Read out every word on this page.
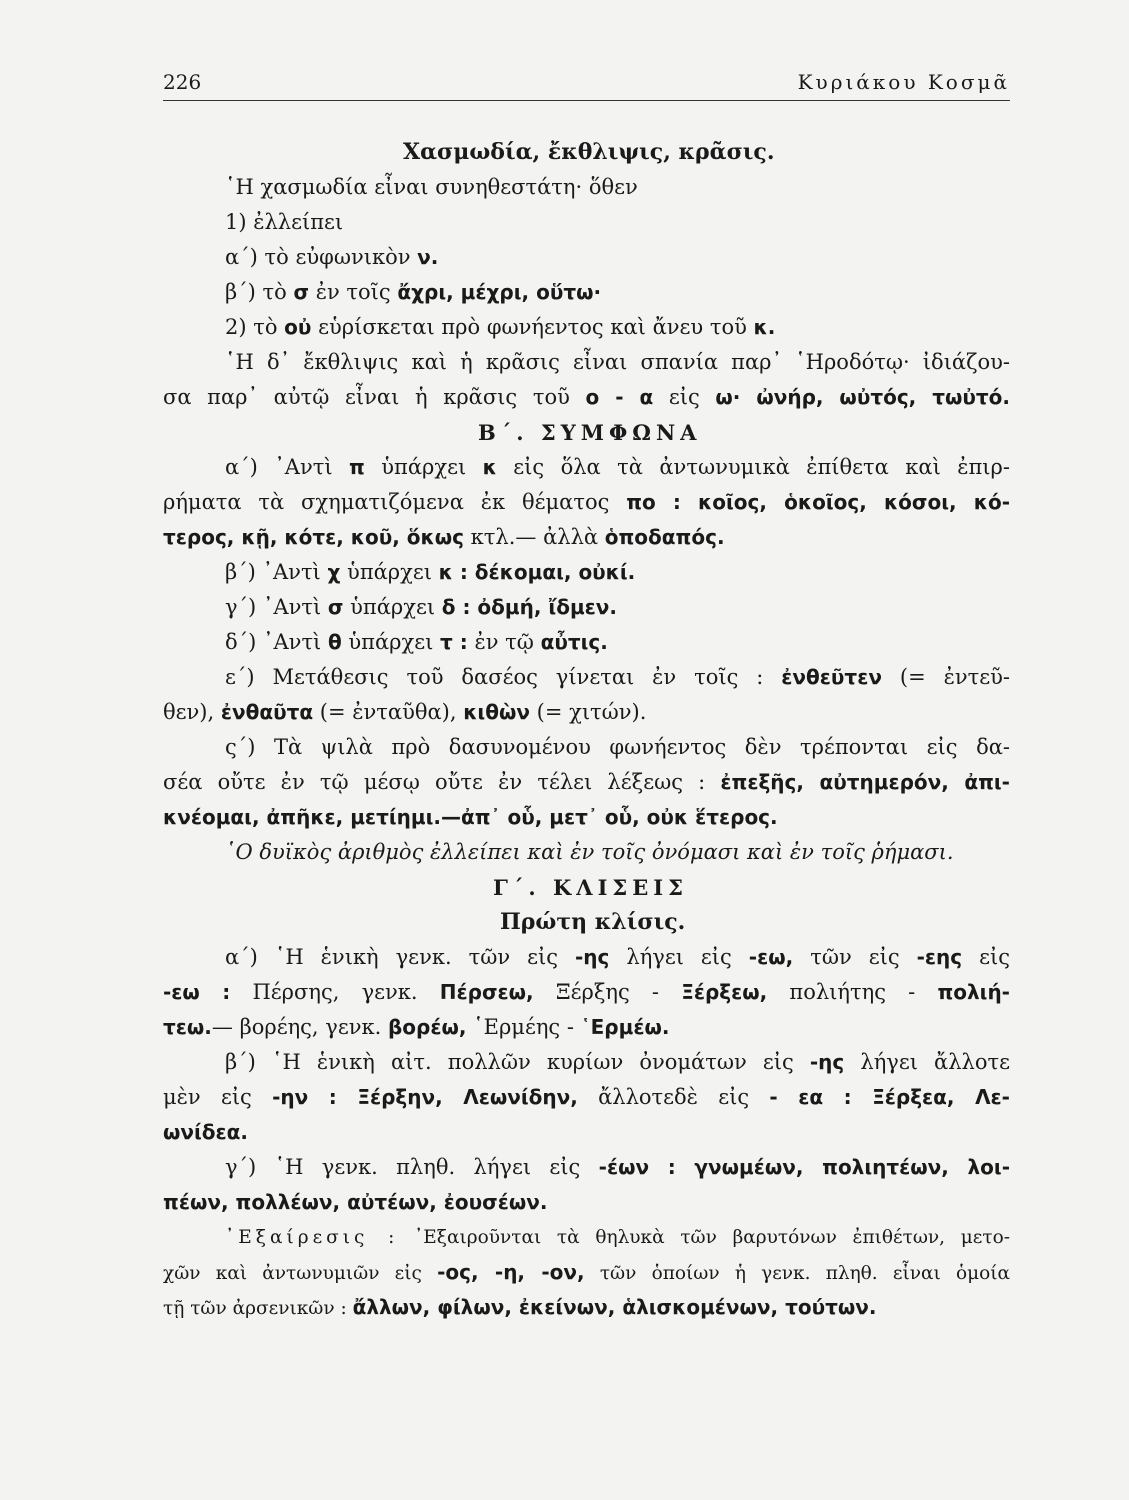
226	Κυριάκου Κοσμᾶ
Χασμωδία, ἔκθλιψις, κρᾶσις.
῾Η χασμωδία εἶναι συνηθεστάτη· ὅθεν
1) ἐλλείπει
α΄) τὸ εὐφωνικὸν ν.
β΄) τὸ σ ἐν τοῖς ἄχρι, μέχρι, οὕτω·
2) τὸ οὐ εὑρίσκεται πρὸ φωνήεντος καὶ ἄνευ τοῦ κ.
῾Η δ᾽ ἔκθλιψις καὶ ἡ κρᾶσις εἶναι σπανία παρ᾽ ῾Ηροδότῳ· ἰδιάζου-
σα παρ᾽ αὐτῷ εἶναι ἡ κρᾶσις τοῦ ο - α εἰς ω· ὠνήρ, ωὐτός, τωὐτό.
Β΄. ΣΥΜΦΩΝΑ
α΄) ᾽Αντὶ π ὑπάρχει κ εἰς ὅλα τὰ ἀντωνυμικὰ ἐπίθετα καὶ ἐπιρ-
ρήματα τὰ σχηματιζόμενα ἐκ θέματος πο : κοῖος, ὁκοῖος, κόσοι, κό-
τερος, κῇ, κότε, κοῦ, ὅκως κτλ.— ἀλλὰ ὁποδαπός.
β΄) ᾽Αντὶ χ ὑπάρχει κ : δέκομαι, οὐκί.
γ΄) ᾽Αντὶ σ ὑπάρχει δ : ὀδμή, ἴδμεν.
δ΄) ᾽Αντὶ θ ὑπάρχει τ : ἐν τῷ αὖτις.
ε΄) Μετάθεσις τοῦ δασέος γίνεται ἐν τοῖς : ἐνθεῦτεν (= ἐντεῦ-
θεν), ἐνθαῦτα (= ἐνταῦθα), κιθὼν (= χιτών).
ς΄) Τὰ ψιλὰ πρὸ δασυνομένου φωνήεντος δὲν τρέπονται εἰς δα-
σέα οὔτε ἐν τῷ μέσῳ οὔτε ἐν τέλει λέξεως : ἐπεξῆς, αὐτημερόν, ἀπι-
κνέομαι, ἀπῆκε, μετίημι.—ἀπ᾽ οὗ, μετ᾽ οὗ, οὐκ ἕτερος.
῾Ο δυϊκὸς ἀριθμὸς ἐλλείπει καὶ ἐν τοῖς ὀνόμασι καὶ ἐν τοῖς ῥήμασι.
Γ΄. ΚΛΙΣΕΙΣ
Πρώτη κλίσις.
α΄) ῾Η ἑνικὴ γενκ. τῶν εἰς -ης λήγει εἰς -εω, τῶν εἰς -εης εἰς
-εω : Πέρσης, γενκ. Πέρσεω, Ξέρξης - Ξέρξεω, πολιήτης - πολιή-
τεω.— βορέης, γενκ. βορέω, ῾Ερμέης - ῾Ερμέω.
β΄) ῾Η ἑνικὴ αἰτ. πολλῶν κυρίων ὀνομάτων εἰς -ης λήγει ἄλλοτε
μὲν εἰς -ην : Ξέρξην, Λεωνίδην, ἄλλοτεδὲ εἰς - εα : Ξέρξεα, Λε-
ωνίδεα.
γ΄) ῾Η γενκ. πληθ. λήγει εἰς -έων : γνωμέων, πολιητέων, λοι-
πέων, πολλέων, αὐτέων, ἐουσέων.
᾽Εξαίρεσις : ᾽Εξαιροῦνται τὰ θηλυκὰ τῶν βαρυτόνων ἐπιθέτων, μετο-
χῶν καὶ ἀντωνυμιῶν εἰς -ος, -η, -ον, τῶν ὁποίων ἡ γενκ. πληθ. εἶναι ὁμοία
τῇ τῶν ἀρσενικῶν : ἄλλων, φίλων, ἐκείνων, ἁλισκομένων, τούτων.
